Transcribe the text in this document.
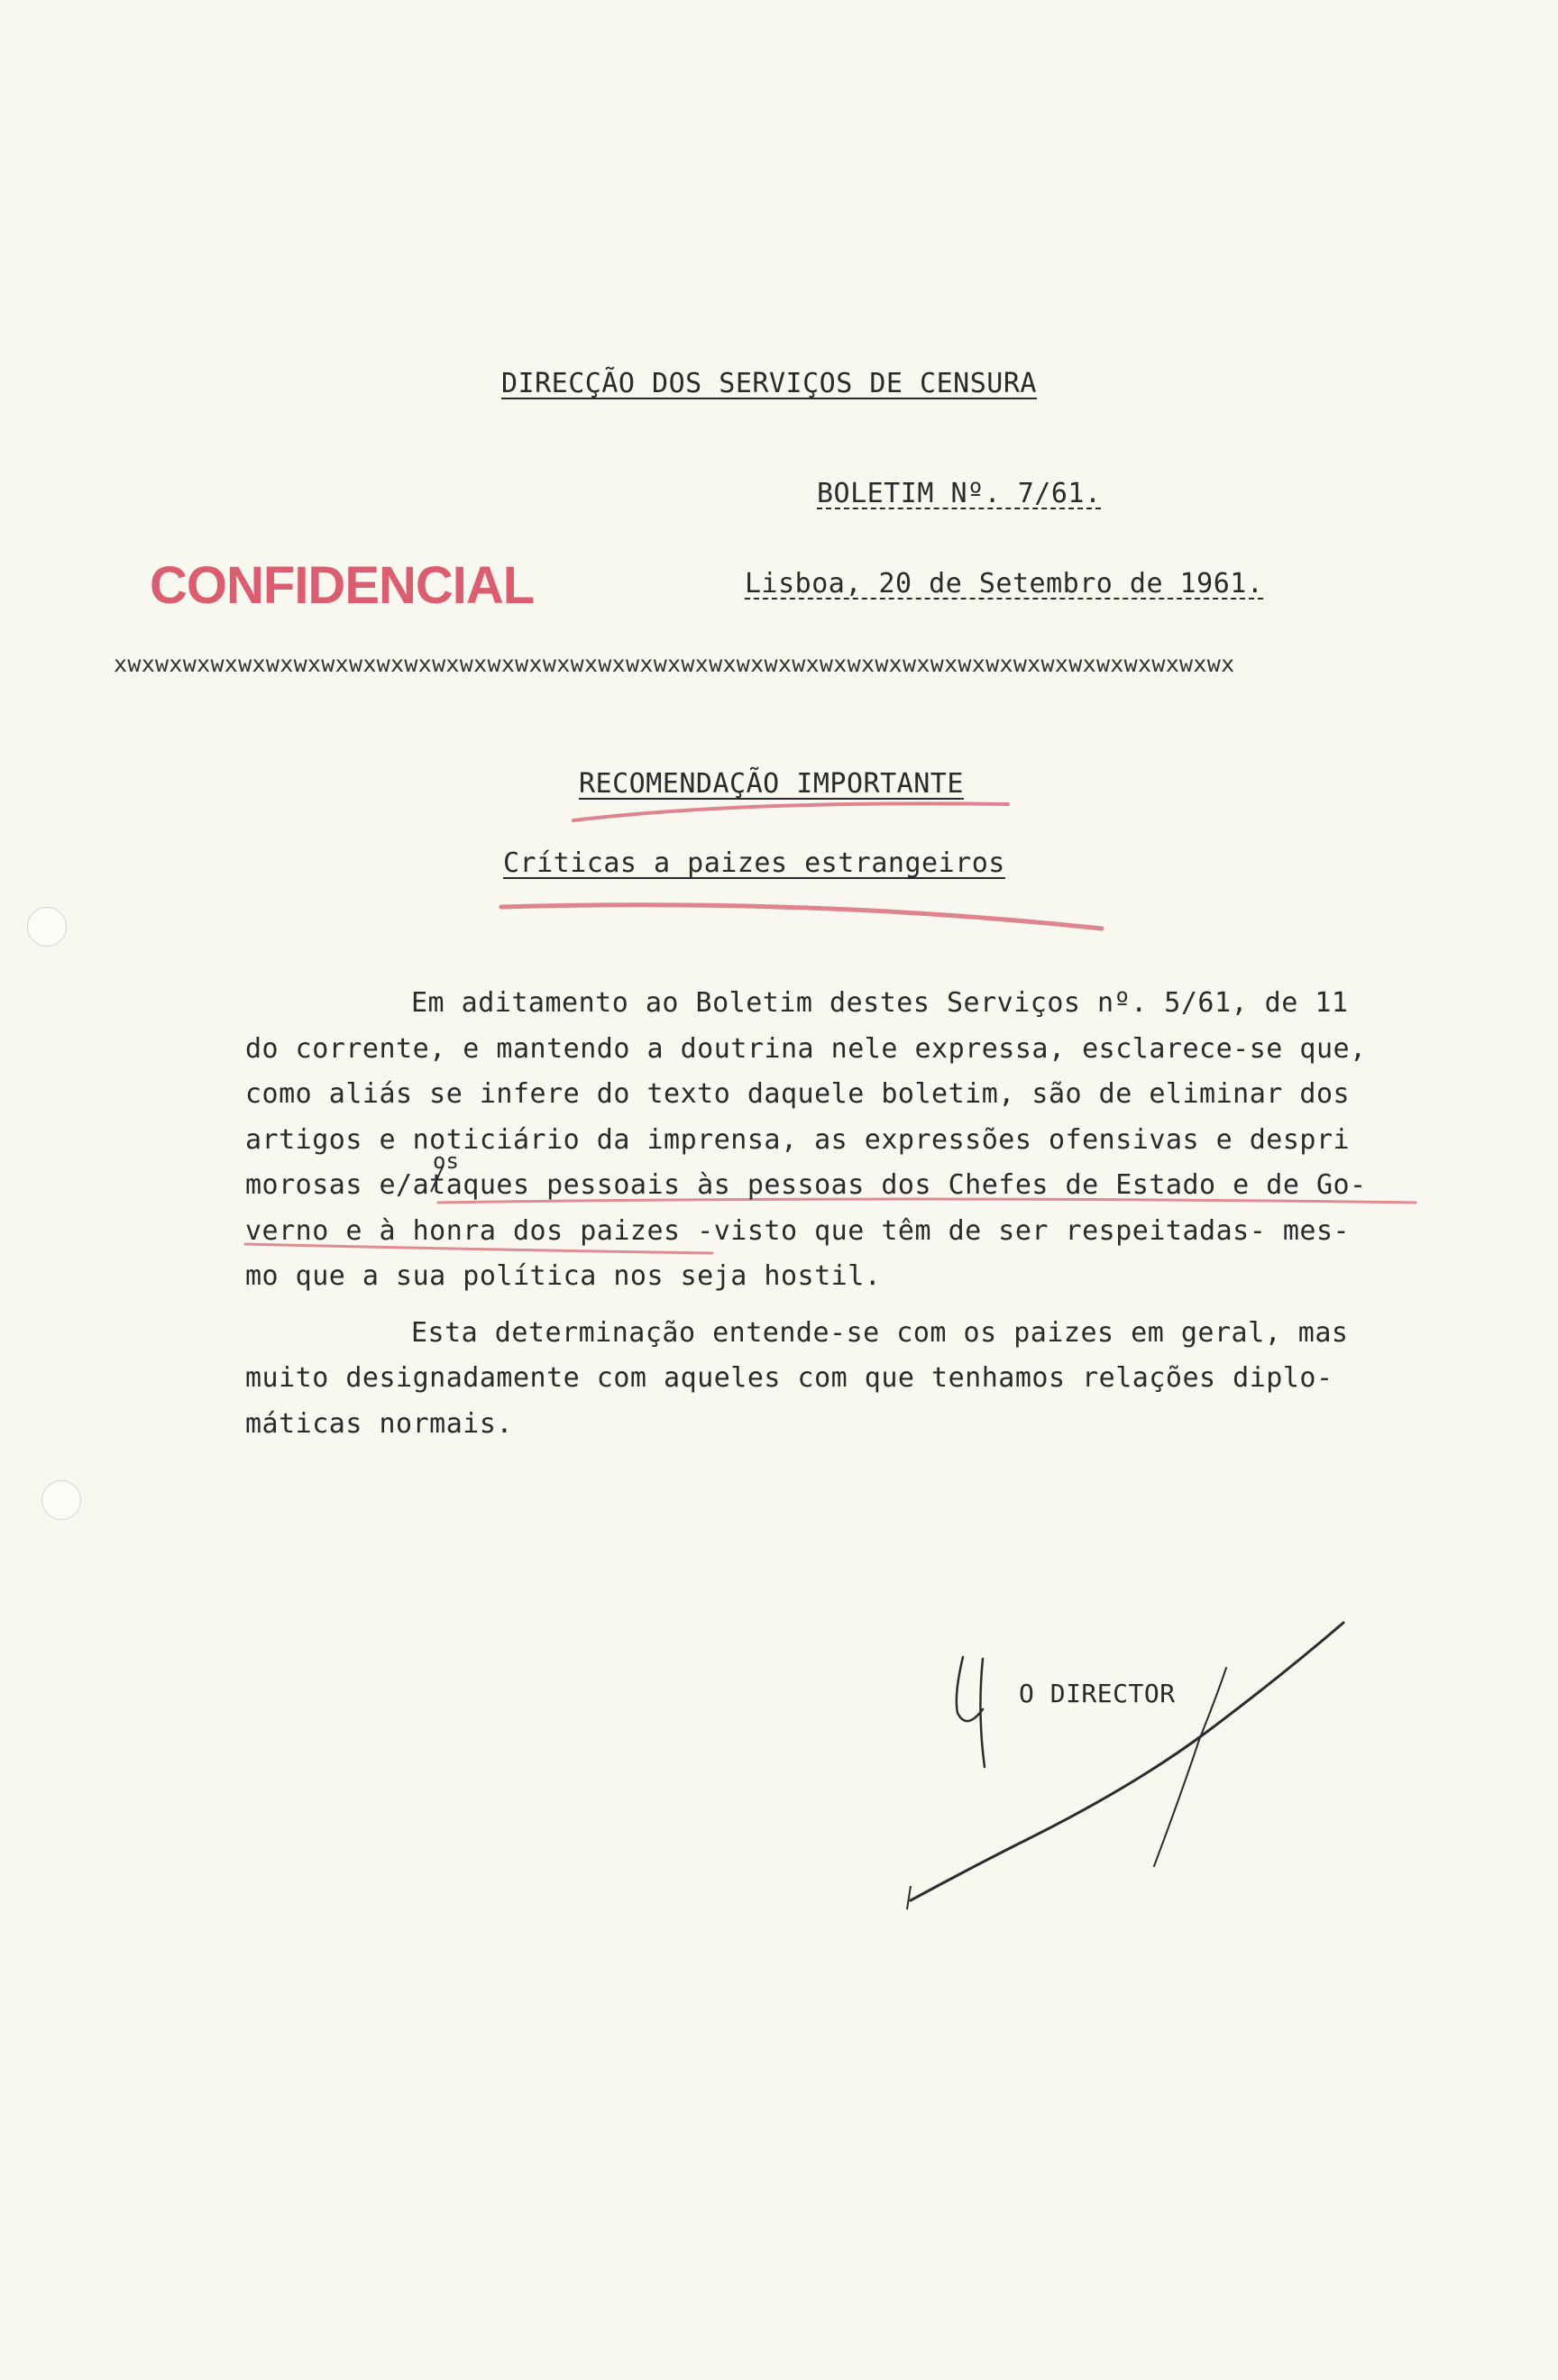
os
DIRECÇÃO DOS SERVIÇOS DE CENSURA
BOLETIM Nº. 7/61.
CONFIDENCIAL	Lisboa, 20 de Setembro de 1961.
xwxwxwxwxwxwxwxwxwxwxwxwxwxwxwxwxwxwxwxwxwxwxwxwxwxwxwxwxwxwxwxwxwxwxwxwxwxwxwxwx
RECOMENDAÇÃO IMPORTANTE
Críticas a paizes estrangeiros

Em aditamento ao Boletim destes Serviços nº. 5/61, de 11
do corrente, e mantendo a doutrina nele expressa, esclarece-se que,
como aliás se infere do texto daquele boletim, são de eliminar dos
artigos e noticiário da imprensa, as expressões ofensivas e despri
morosas e/ataques pessoais às pessoas dos Chefes de Estado e de Go-
verno e à honra dos paizes -visto que têm de ser respeitadas- mes-
mo que a sua política nos seja hostil.

Esta determinação entende-se com os paizes em geral, mas
muito designadamente com aqueles com que tenhamos relações diplo-
máticas normais.

O DIRECTOR
